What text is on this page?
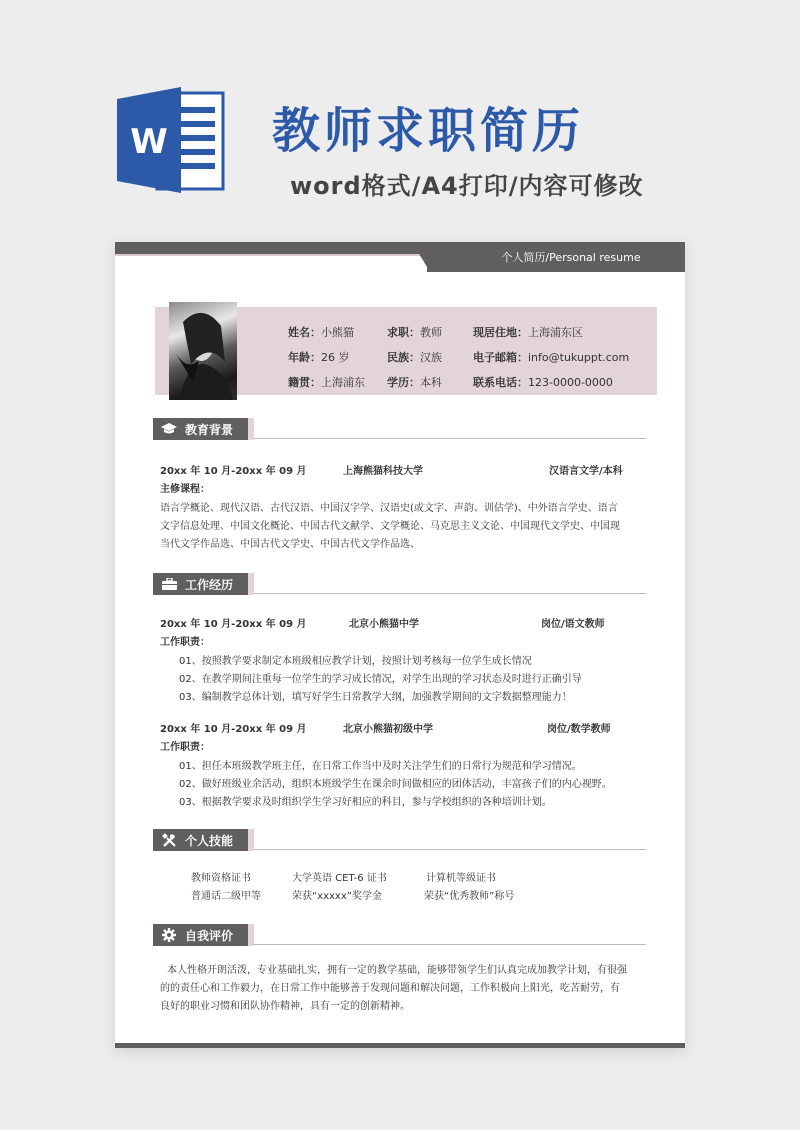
W 教师求职简历
word格式/A4打印/内容可修改
个人简历/Personal resume
姓名：小熊猫	求职：教师	现居住地：上海浦东区
年龄：26 岁	民族：汉族	电子邮箱：info@tukuppt.com
籍贯：上海浦东 学历：本科	联系电话：123-0000-0000
教育背景
20xx 年 10 月-20xx 年 09 月	上海熊猫科技大学	汉语言文学/本科
主修课程：
语言学概论、现代汉语、古代汉语、中国汉字学、汉语史(或文字、声韵、训估学)、中外语言学史、语言
文字信息处理、中国文化概论、中国古代文献学、文学概论、马克思主义文论、中国现代文学史、中国现
当代文学作品选、中国古代文学史、中国古代文学作品选、
工作经历
20xx 年 10 月-20xx 年 09 月	北京小熊猫中学	岗位/语文教师
工作职责：
01、按照教学要求制定本班级相应教学计划，按照计划考核每一位学生成长情况
02、在教学期间注重每一位学生的学习成长情况，对学生出现的学习状态及时进行正确引导
03、编制教学总体计划，填写好学生日常教学大纲，加强教学期间的文字数据整理能力！
20xx 年 10 月-20xx 年 09 月	北京小熊猫初级中学	岗位/数学教师
工作职责：
01、担任本班级教学班主任，在日常工作当中及时关注学生们的日常行为规范和学习情况。
02、做好班级业余活动，组织本班级学生在课余时间做相应的团体活动，丰富孩子们的内心视野。
03、根据教学要求及时组织学生学习好相应的科目，参与学校组织的各种培训计划。
个人技能
教师资格证书	大学英语 CET-6 证书	计算机等级证书
普通话二级甲等	荣获“xxxxx”奖学金	荣获“优秀教师”称号
自我评价
本人性格开朗活泼，专业基础扎实，拥有一定的教学基础，能够带领学生们认真完成加教学计划，有很强
的的责任心和工作毅力，在日常工作中能够善于发现问题和解决问题，工作积极向上阳光，吃苦耐劳，有
良好的职业习惯和团队协作精神，具有一定的创新精神。
